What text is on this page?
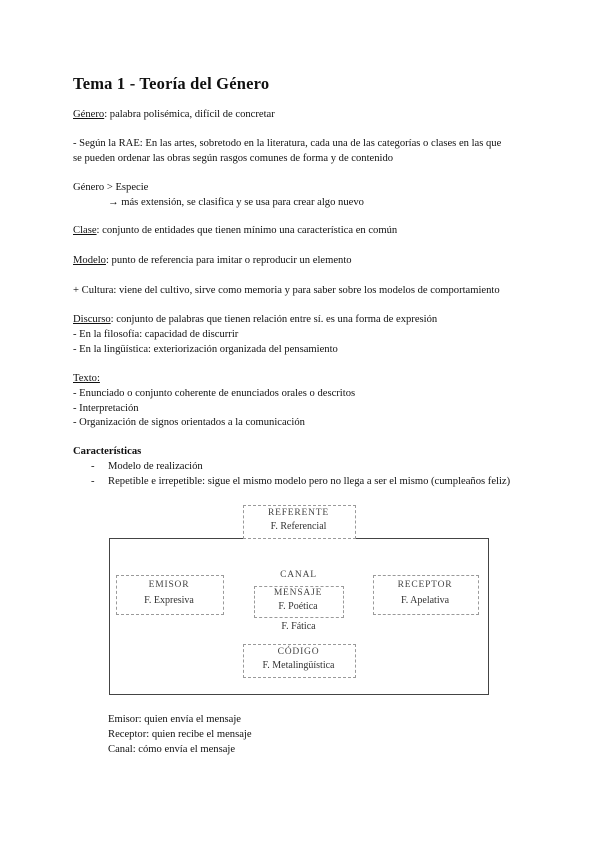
Tema 1 - Teoría del Género
Género: palabra polisémica, difícil de concretar
- Según la RAE: En las artes, sobretodo en la literatura, cada una de las categorías o clases en las que
se pueden ordenar las obras según rasgos comunes de forma y de contenido
Género > Especie
→ más extensión, se clasifica y se usa para crear algo nuevo
Clase: conjunto de entidades que tienen mínimo una característica en común
Modelo: punto de referencia para imitar o reproducir un elemento
+ Cultura: viene del cultivo, sirve como memoria y para saber sobre los modelos de comportamiento
Discurso: conjunto de palabras que tienen relación entre sí. es una forma de expresión
- En la filosofía: capacidad de discurrir
- En la lingüística: exteriorización organizada del pensamiento
Texto:
- Enunciado o conjunto coherente de enunciados orales o descritos
- Interpretación
- Organización de signos orientados a la comunicación
Características
- Modelo de realización
- Repetible e irrepetible: sigue el mismo modelo pero no llega a ser el mismo (cumpleaños feliz)
REFERENTE
F. Referencial
EMISOR
F. Expresiva
CANAL
MENSAJE
F. Poética
F. Fática
RECEPTOR
F. Apelativa
CÓDIGO
F. Metalingüística
Emisor: quien envía el mensaje
Receptor: quien recibe el mensaje
Canal: cómo envía el mensaje
